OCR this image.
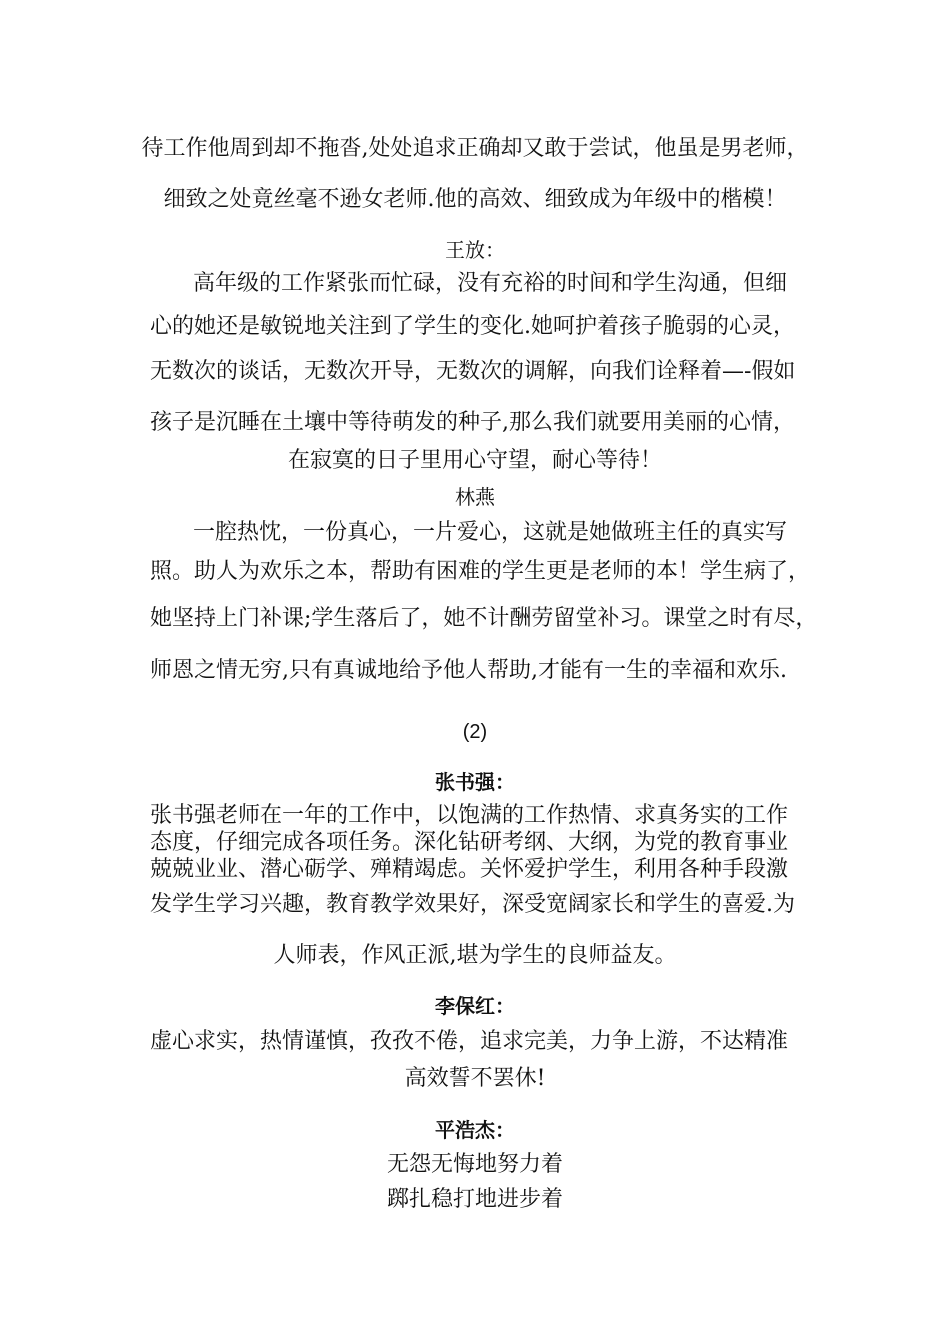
待工作他周到却不拖沓,处处追求正确却又敢于尝试，他虽是男老师，
细致之处竟丝毫不逊女老师.他的高效、细致成为年级中的楷模！
王放：
高年级的工作紧张而忙碌，没有充裕的时间和学生沟通，但细
心的她还是敏锐地关注到了学生的变化.她呵护着孩子脆弱的心灵，
无数次的谈话，无数次开导，无数次的调解，向我们诠释着—-假如
孩子是沉睡在土壤中等待萌发的种子,那么我们就要用美丽的心情，
在寂寞的日子里用心守望，耐心等待！
林燕
一腔热忱，一份真心，一片爱心，这就是她做班主任的真实写
照。助人为欢乐之本，帮助有困难的学生更是老师的本！学生病了，
她坚持上门补课;学生落后了，她不计酬劳留堂补习。课堂之时有尽，
师恩之情无穷,只有真诚地给予他人帮助,才能有一生的幸福和欢乐.
(2)
张书强：
张书强老师在一年的工作中，以饱满的工作热情、求真务实的工作
态度，仔细完成各项任务。深化钻研考纲、大纲，为党的教育事业
兢兢业业、潜心砺学、殚精竭虑。关怀爱护学生，利用各种手段激
发学生学习兴趣，教育教学效果好，深受宽阔家长和学生的喜爱.为
人师表，作风正派,堪为学生的良师益友。
李保红：
虚心求实，热情谨慎，孜孜不倦，追求完美，力争上游，不达精准
高效誓不罢休!
平浩杰：
无怨无悔地努力着
踯扎稳打地进步着
